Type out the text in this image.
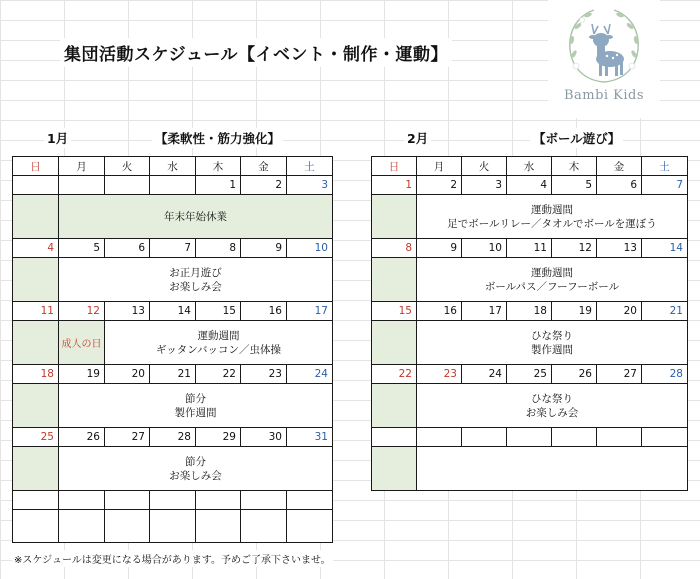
集団活動スケジュール【イベント・制作・運動】
Bambi Kids
1月	【柔軟性・筋力強化】
日	月	火	水	木	金	土
				1	2	3

	年末年始休業					

4	5	6	7	8	9	10

	お正月遊び
お楽しみ会					

11	12	13	14	15	16	17
	成人の日	運動週間
ギッタンバッコン／虫体操				

18	19	20	21	22	23	24

	節分
製作週間					

25	26	27	28	29	30	31

	節分
お楽しみ会					

2月	【ボール遊び】
日	月	火	水	木	金	土
1	2	3	4	5	6	7

	運動週間
足でボールリレー／タオルでボールを運ぼう					

8	9	10	11	12	13	14

	運動週間
ボールパス／フーフーボール					

15	16	17	18	19	20	21

	ひな祭り
製作週間					

22	23	24	25	26	27	28

	ひな祭り
お楽しみ会					

※スケジュールは変更になる場合があります。予めご了承下さいませ。
